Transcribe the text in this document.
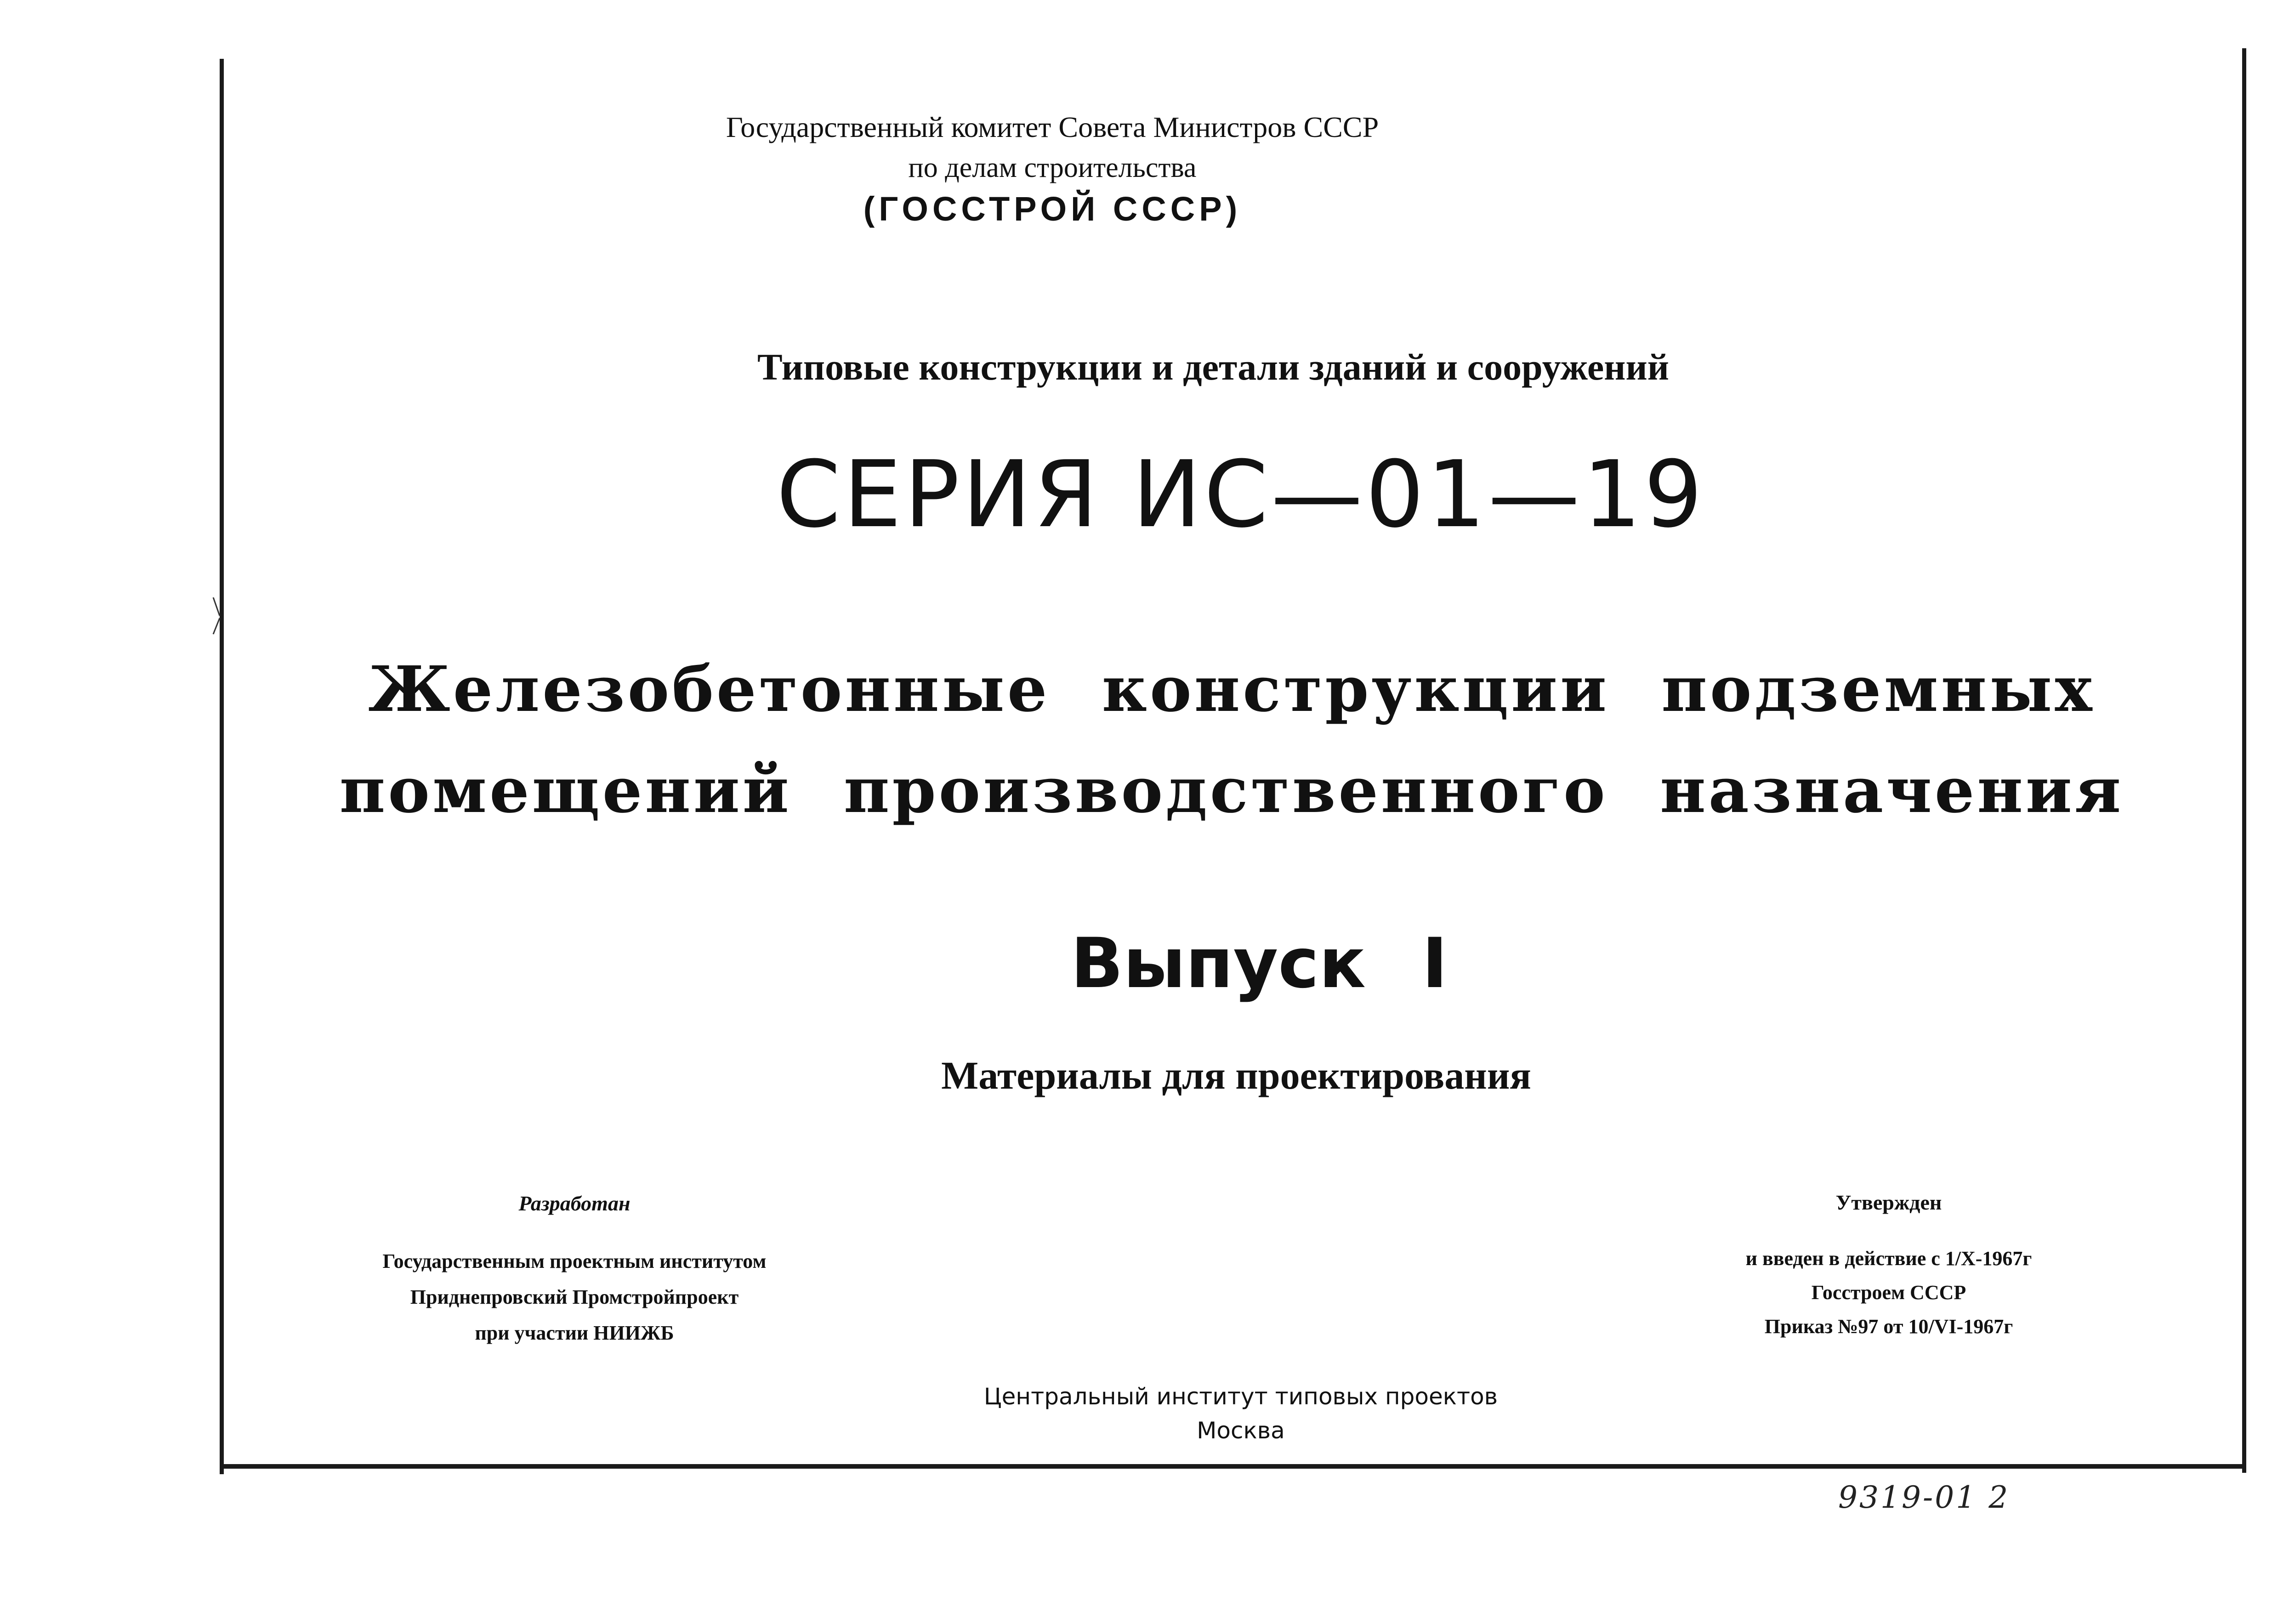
Государственный комитет Совета Министров СССР
по делам строительства
(ГОССТРОЙ СССР)
Типовые конструкции и детали зданий и сооружений
СЕРИЯ ИС—01—19
Железобетонные конструкции подземных
помещений производственного назначения
Выпуск I
Материалы для проектирования
Разработан
Государственным проектным институтом
Приднепровский Промстройпроект
при участии НИИЖБ
Утвержден
и введен в действие с 1/X-1967г
Госстроем СССР
Приказ №97 от 10/VI-1967г
Центральный институт типовых проектов
Москва
9319-01 2
